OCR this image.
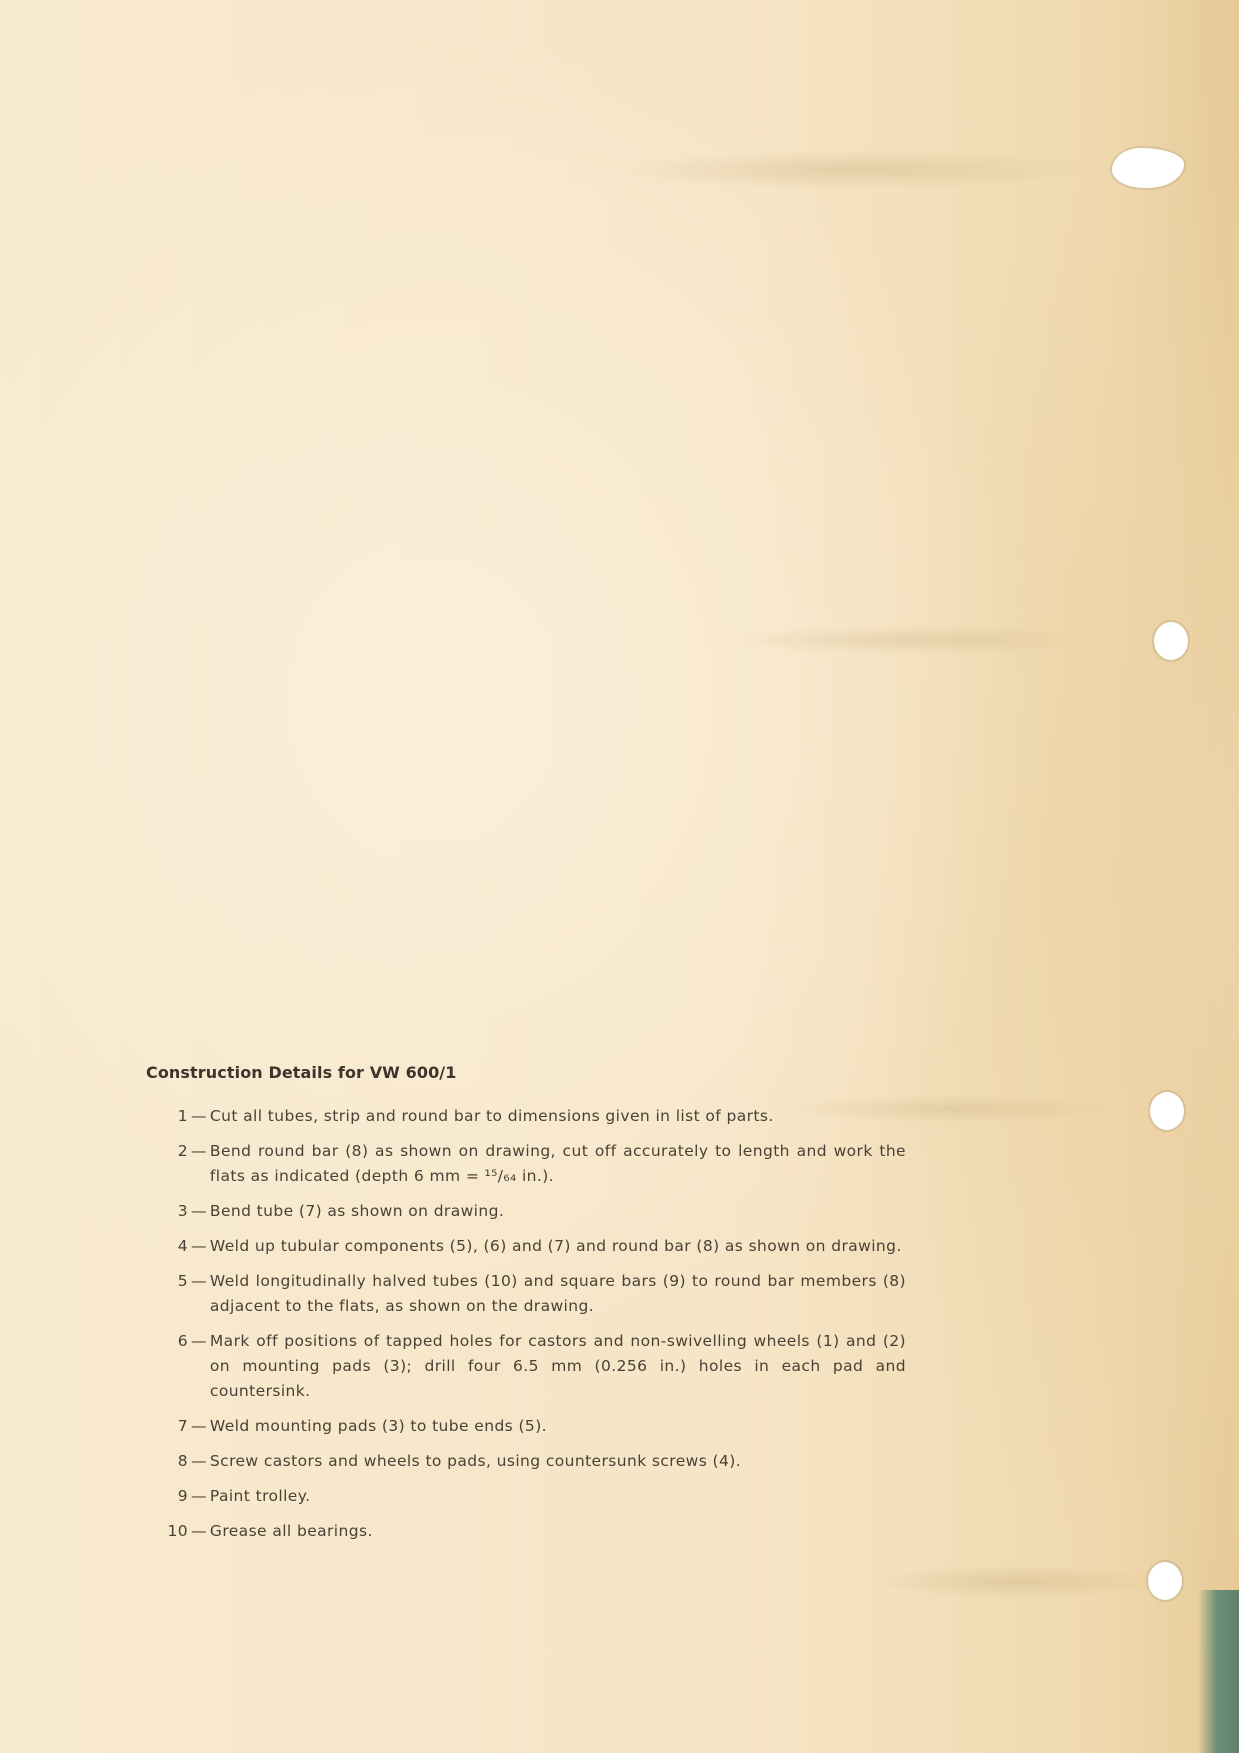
Construction Details for VW 600/1
1 — Cut all tubes, strip and round bar to dimensions given in list of parts.
2 — Bend round bar (8) as shown on drawing, cut off accurately to length and work the flats as indicated (depth 6 mm = ¹⁵/₆₄ in.).
3 — Bend tube (7) as shown on drawing.
4 — Weld up tubular components (5), (6) and (7) and round bar (8) as shown on drawing.
5 — Weld longitudinally halved tubes (10) and square bars (9) to round bar members (8) adjacent to the flats, as shown on the drawing.
6 — Mark off positions of tapped holes for castors and non-swivelling wheels (1) and (2) on mounting pads (3); drill four 6.5 mm (0.256 in.) holes in each pad and countersink.
7 — Weld mounting pads (3) to tube ends (5).
8 — Screw castors and wheels to pads, using countersunk screws (4).
9 — Paint trolley.
10 — Grease all bearings.
